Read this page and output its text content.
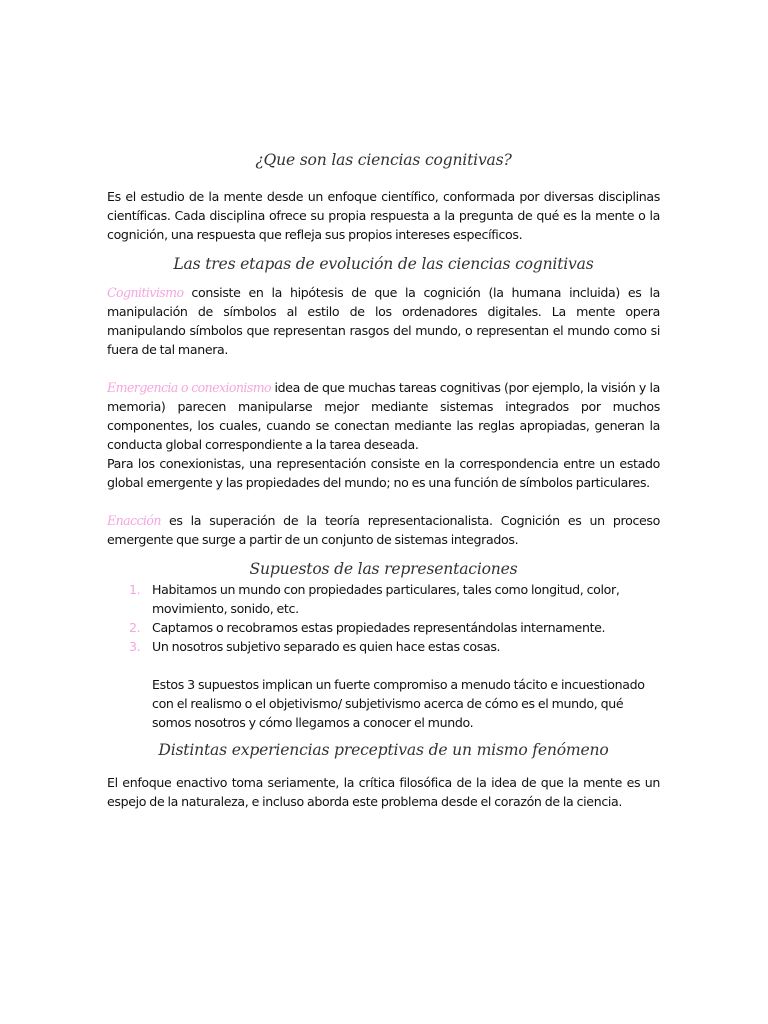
¿Que son las ciencias cognitivas?

Es el estudio de la mente desde un enfoque científico, conformada por diversas disciplinas científicas. Cada disciplina ofrece su propia respuesta a la pregunta de qué es la mente o la cognición, una respuesta que refleja sus propios intereses específicos.

Las tres etapas de evolución de las ciencias cognitivas

Cognitivismo consiste en la hipótesis de que la cognición (la humana incluida) es la manipulación de símbolos al estilo de los ordenadores digitales. La mente opera manipulando símbolos que representan rasgos del mundo, o representan el mundo como si fuera de tal manera.

Emergencia o conexionismo idea de que muchas tareas cognitivas (por ejemplo, la visión y la memoria) parecen manipularse mejor mediante sistemas integrados por muchos componentes, los cuales, cuando se conectan mediante las reglas apropiadas, generan la conducta global correspondiente a la tarea deseada.

Para los conexionistas, una representación consiste en la correspondencia entre un estado global emergente y las propiedades del mundo; no es una función de símbolos particulares.

Enacción es la superación de la teoría representacionalista. Cognición es un proceso emergente que surge a partir de un conjunto de sistemas integrados.

Supuestos de las representaciones
1. Habitamos un mundo con propiedades particulares, tales como longitud, color, movimiento, sonido, etc.
2. Captamos o recobramos estas propiedades representándolas internamente.
3. Un nosotros subjetivo separado es quien hace estas cosas.

Estos 3 supuestos implican un fuerte compromiso a menudo tácito e incuestionado con el realismo o el objetivismo/ subjetivismo acerca de cómo es el mundo, qué somos nosotros y cómo llegamos a conocer el mundo.

Distintas experiencias preceptivas de un mismo fenómeno

El enfoque enactivo toma seriamente, la crítica filosófica de la idea de que la mente es un espejo de la naturaleza, e incluso aborda este problema desde el corazón de la ciencia.
